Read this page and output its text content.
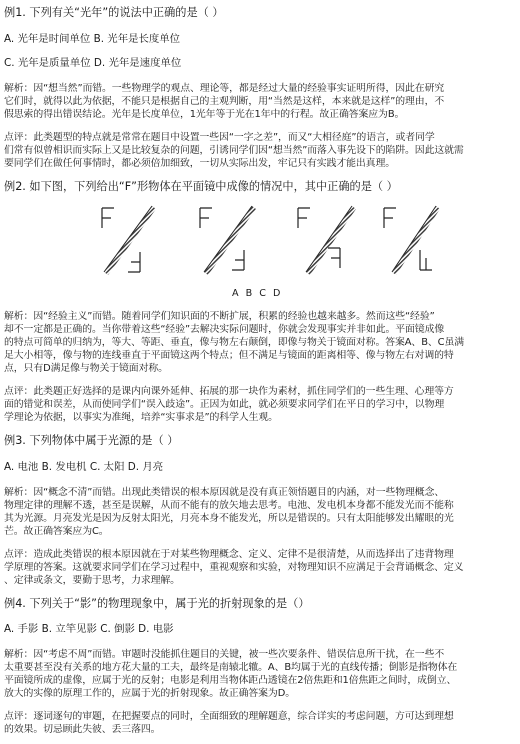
例1. 下列有关“光年”的说法中正确的是（ ）
A. 光年是时间单位 B. 光年是长度单位
C. 光年是质量单位 D. 光年是速度单位
解析：因“想当然”而错。一些物理学的观点、理论等，都是经过大量的经验事实证明所得，因此在研究
它们时，就得以此为依据，不能只是根据自己的主观判断，用“当然是这样，本来就是这样”的理由，不
假思索的得出错误结论。光年是长度单位，1光年等于光在1年中的行程。故正确答案应为B。
点评：此类题型的特点就是常常在题目中设置一些因“一字之差”，而又“大相径庭”的语言，或者同学
们常有似曾相识而实际上又是比较复杂的问题，引诱同学们因“想当然”而落入事先设下的陷阱。因此这就需
要同学们在做任何事情时，都必须倍加细致，一切从实际出发，牢记只有实践才能出真理。
例2. 如下图，下列给出“F”形物体在平面镜中成像的情况中，其中正确的是（ ）
A B C D
解析：因“经验主义”而错。随着同学们知识面的不断扩展，积累的经验也越来越多。然而这些“经验”
却不一定都是正确的。当你带着这些“经验”去解决实际问题时，你就会发现事实并非如此。平面镜成像
的特点可简单的归纳为，等大、等距、垂直，像与物左右颠倒，即像与物关于镜面对称。答案A、B、C虽满
足大小相等，像与物的连线垂直于平面镜这两个特点；但不满足与镜面的距离相等、像与物左右对调的特
点，只有D满足像与物关于镜面对称。
点评：此类题正好选择的是课内向课外延伸、拓展的那一块作为素材，抓住同学们的一些生理、心理等方
面的错觉和误差，从而使同学们“误入歧途”。正因为如此，就必须要求同学们在平日的学习中，以物理
学理论为依据，以事实为准绳，培养“实事求是”的科学人生观。
例3. 下列物体中属于光源的是（ ）
A. 电池 B. 发电机 C. 太阳 D. 月亮
解析：因“概念不清”而错。出现此类错误的根本原因就是没有真正领悟题目的内涵，对一些物理概念、
物理定律的理解不透，甚至是误解，从而不能有的放矢地去思考。电池、发电机本身都不能发光而不能称
其为光源。月亮发光是因为反射太阳光，月亮本身不能发光，所以是错误的。只有太阳能够发出耀眼的光
芒。故正确答案应为C。
点评：造成此类错误的根本原因就在于对某些物理概念、定义、定律不是很清楚，从而选择出了违背物理
学原理的答案。这就要求同学们在学习过程中，重视观察和实验，对物理知识不应满足于会背诵概念、定义
、定律或条文，要勤于思考，力求理解。
例4. 下列关于“影”的物理现象中，属于光的折射现象的是（）
A. 手影 B. 立竿见影 C. 倒影 D. 电影
解析：因“考虑不周”而错。审题时没能抓住题目的关键，被一些次要条件、错误信息所干扰，在一些不
太重要甚至没有关系的地方花大量的工夫，最终是南辕北辙。A、B均属于光的直线传播；倒影是指物体在
平面镜所成的虚像，应属于光的反射；电影是利用当物体距凸透镜在2倍焦距和1倍焦距之间时，成倒立、
放大的实像的原理工作的，应属于光的折射现象。故正确答案为D。
点评：逐词逐句的审题，在把握要点的同时，全面细致的理解题意，综合详实的考虑问题，方可达到理想
的效果。切忌顾此失彼、丢三落四。
